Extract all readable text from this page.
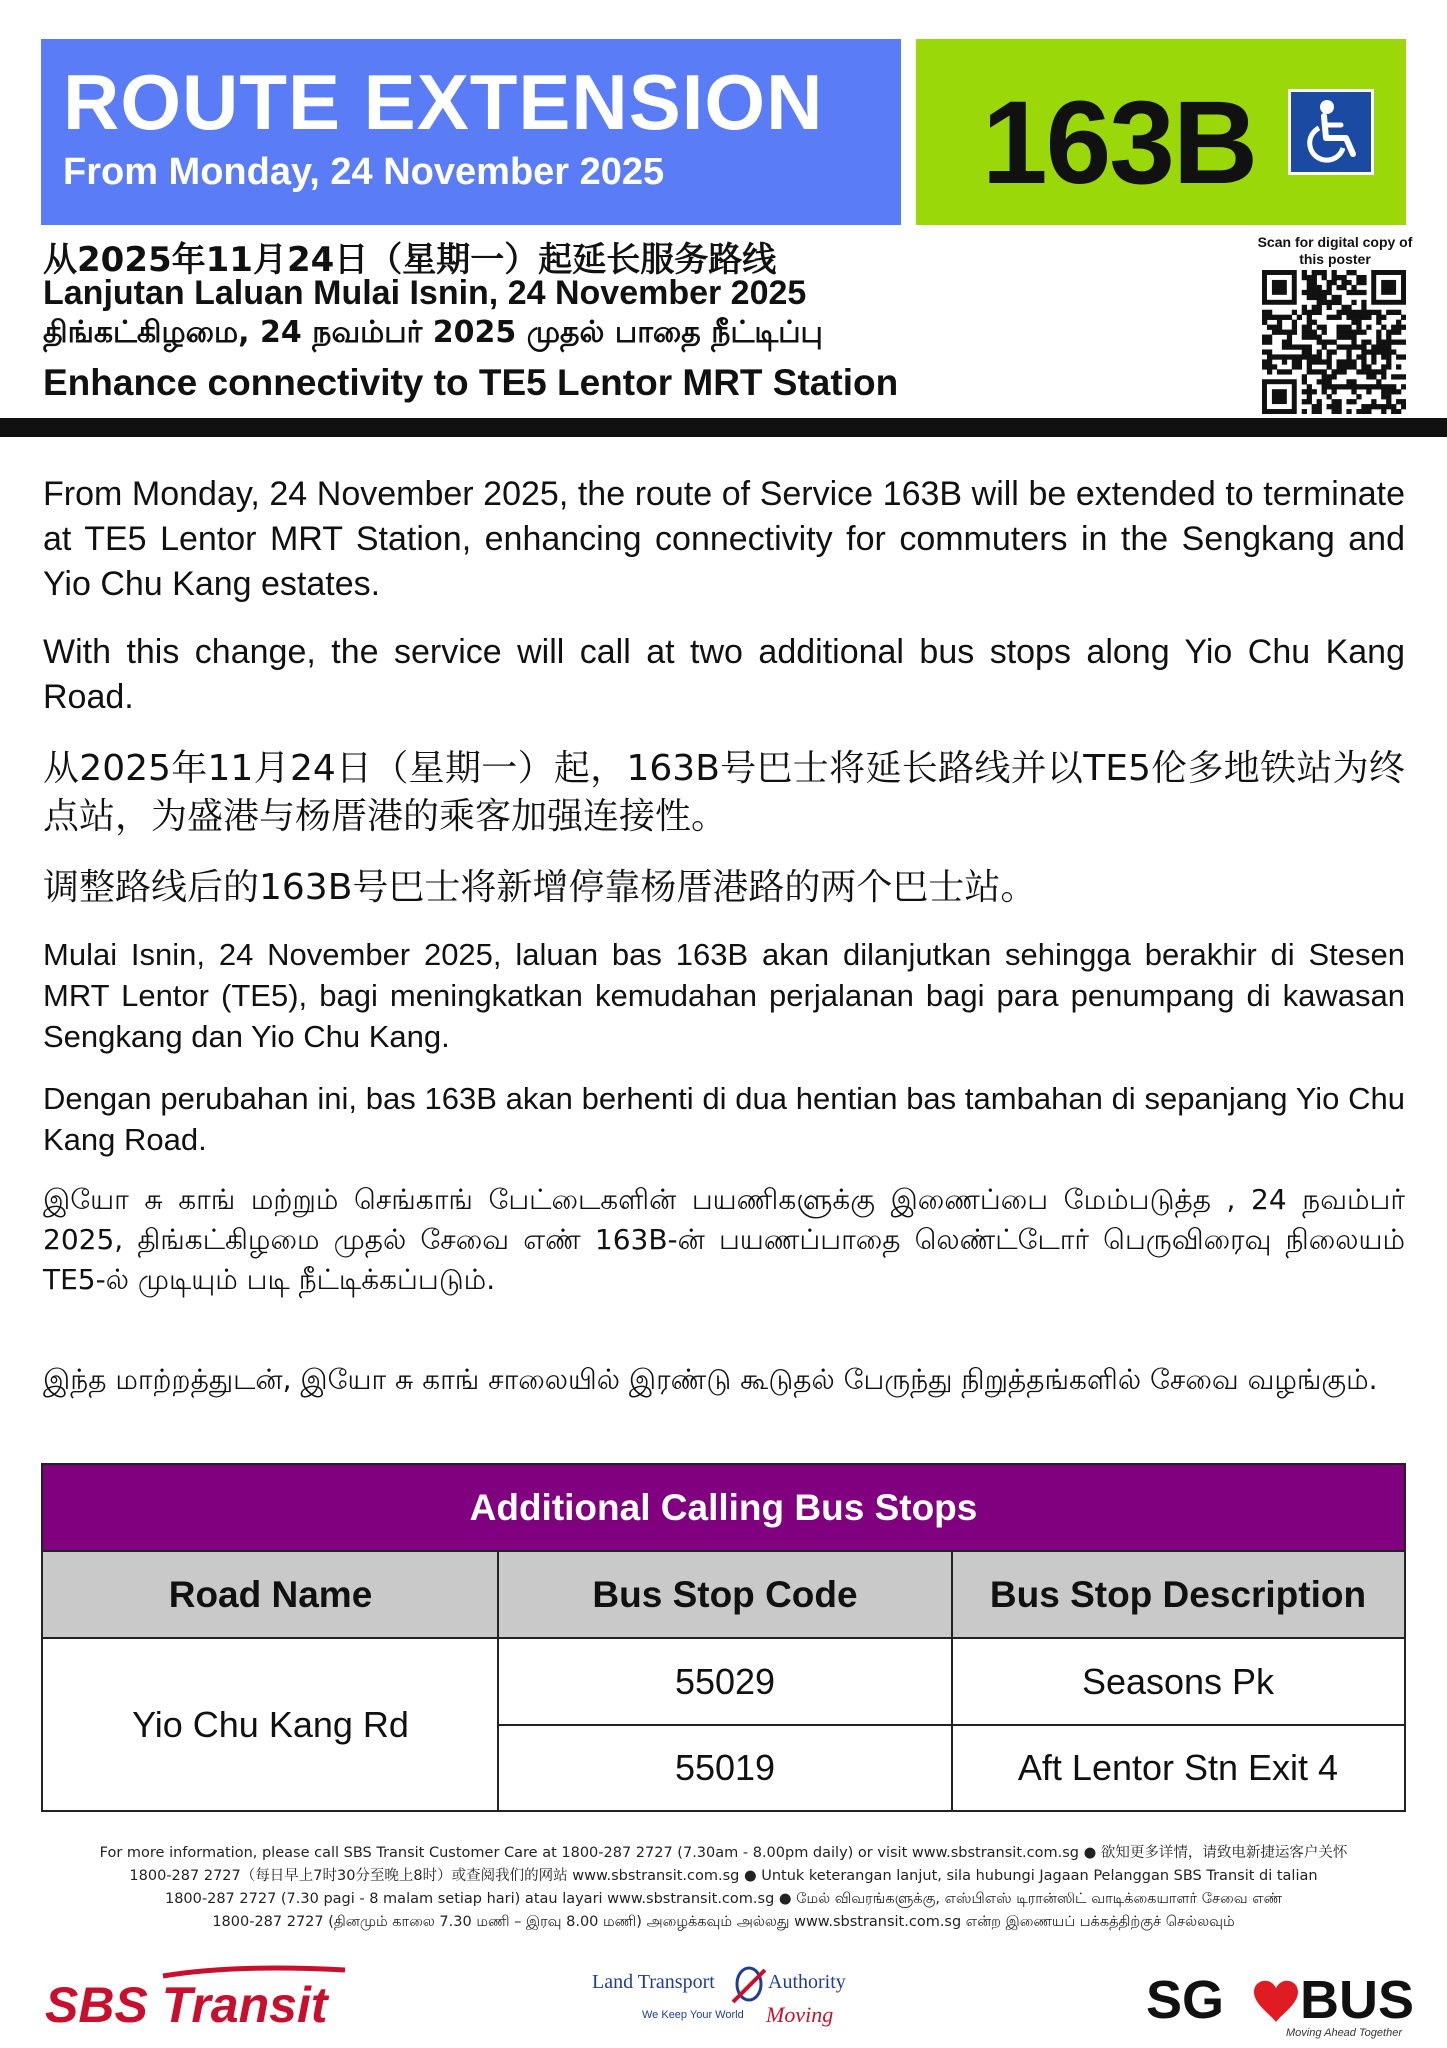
ROUTE EXTENSION
From Monday, 24 November 2025	163B
从2025年11月24日（星期一）起延长服务路线
Lanjutan Laluan Mulai Isnin, 24 November 2025
திங்கட்கிழமை, 24 நவம்பர் 2025 முதல் பாதை நீட்டிப்பு
Enhance connectivity to TE5 Lentor MRT Station
Scan for digital copy of this poster
From Monday, 24 November 2025, the route of Service 163B will be extended to terminate at TE5 Lentor MRT Station, enhancing connectivity for commuters in the Sengkang and Yio Chu Kang estates.
With this change, the service will call at two additional bus stops along Yio Chu Kang Road.
从2025年11月24日（星期一）起，163B号巴士将延长路线并以TE5伦多地铁站为终点站，为盛港与杨厝港的乘客加强连接性。
调整路线后的163B号巴士将新增停靠杨厝港路的两个巴士站。
Mulai Isnin, 24 November 2025, laluan bas 163B akan dilanjutkan sehingga berakhir di Stesen MRT Lentor (TE5), bagi meningkatkan kemudahan perjalanan bagi para penumpang di kawasan Sengkang dan Yio Chu Kang.
Dengan perubahan ini, bas 163B akan berhenti di dua hentian bas tambahan di sepanjang Yio Chu Kang Road.
இயோ சு காங் மற்றும் செங்காங் பேட்டைகளின் பயணிகளுக்கு இணைப்பை மேம்படுத்த , 24 நவம்பர் 2025, திங்கட்கிழமை முதல் சேவை எண் 163B-ன் பயணப்பாதை லெண்ட்டோர் பெருவிரைவு நிலையம் TE5-ல் முடியும் படி நீட்டிக்கப்படும்.
இந்த மாற்றத்துடன், இயோ சு காங் சாலையில் இரண்டு கூடுதல் பேருந்து நிறுத்தங்களில் சேவை வழங்கும்.
Additional Calling Bus Stops
Road Name	Bus Stop Code	Bus Stop Description
Yio Chu Kang Rd
55029	Seasons Pk
55019	Aft Lentor Stn Exit 4
For more information, please call SBS Transit Customer Care at 1800-287 2727 (7.30am - 8.00pm daily) or visit www.sbstransit.com.sg ● 欲知更多详情，请致电新捷运客户关怀
1800-287 2727（每日早上7时30分至晚上8时）或查阅我们的网站 www.sbstransit.com.sg ● Untuk keterangan lanjut, sila hubungi Jagaan Pelanggan SBS Transit di talian
1800-287 2727 (7.30 pagi - 8 malam setiap hari) atau layari www.sbstransit.com.sg ● மேல் விவரங்களுக்கு, எஸ்பிஎஸ் டிரான்ஸிட் வாடிக்கையாளர் சேவை எண்
1800-287 2727 (தினமும் காலை 7.30 மணி – இரவு 8.00 மணி) அழைக்கவும் அல்லது www.sbstransit.com.sg என்ற இணையப் பக்கத்திற்குச் செல்லவும்
SBS Transit	Land Transport	Authority
We Keep Your World Moving	SG BUS
Moving Ahead Together
